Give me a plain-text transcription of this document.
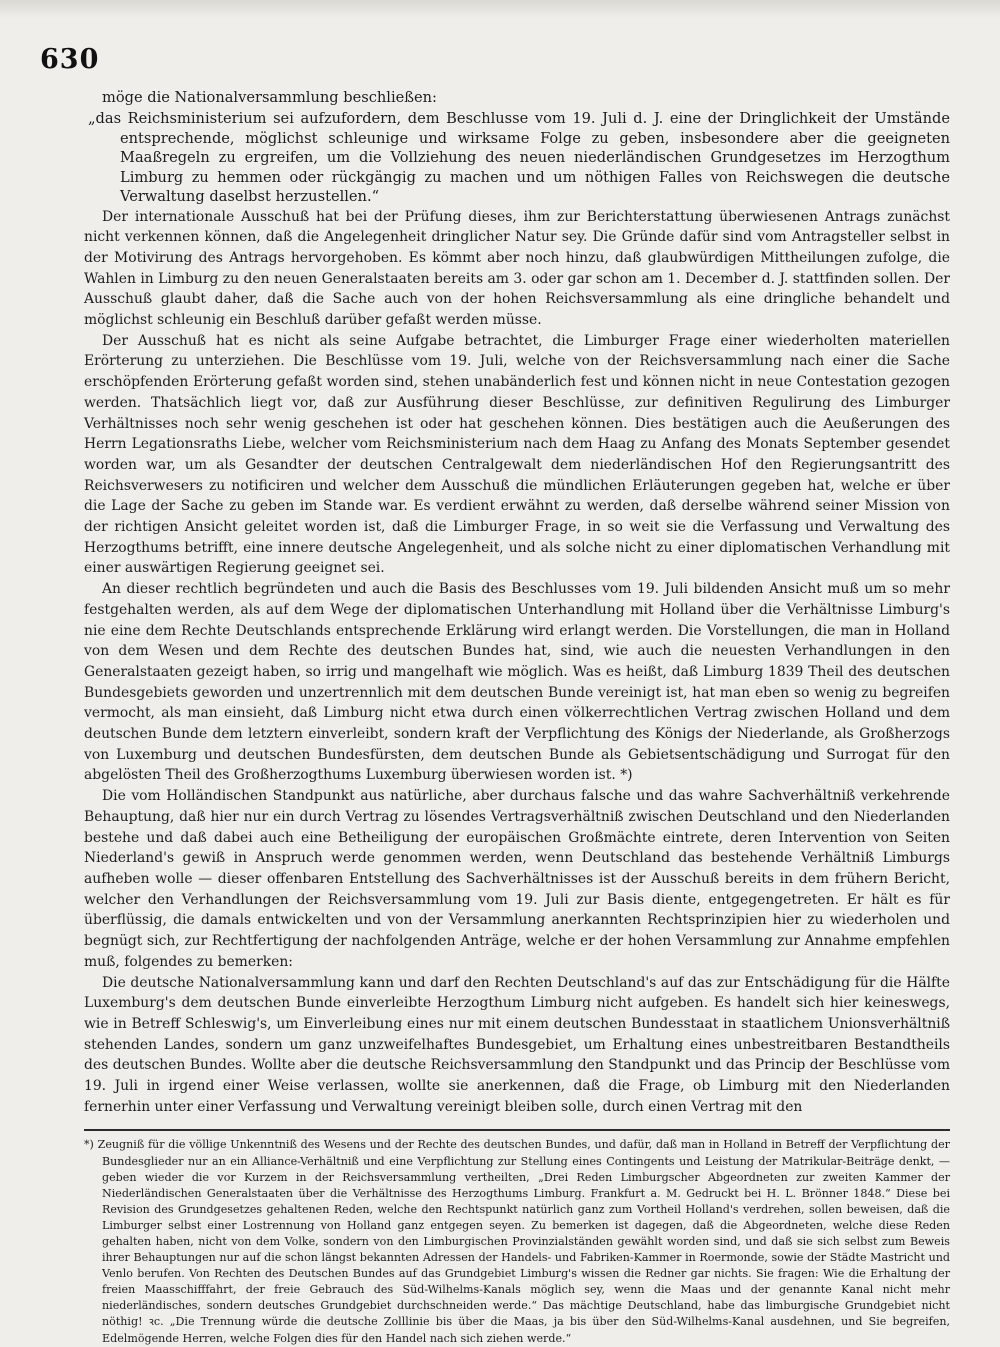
630

möge die Nationalversammlung beschließen:

„das Reichsministerium sei aufzufordern, dem Beschlusse vom 19. Juli d. J. eine der Dringlichkeit der Umstände entsprechende, möglichst schleunige und wirksame Folge zu geben, insbesondere aber die geeigneten Maaßregeln zu ergreifen, um die Vollziehung des neuen niederländischen Grundgesetzes im Herzogthum Limburg zu hemmen oder rückgängig zu machen und um nöthigen Falles von Reichswegen die deutsche Verwaltung daselbst herzustellen.“

Der internationale Ausschuß hat bei der Prüfung dieses, ihm zur Berichterstattung überwiesenen Antrags zunächst nicht verkennen können, daß die Angelegenheit dringlicher Natur sey. Die Gründe dafür sind vom Antragsteller selbst in der Motivirung des Antrags hervorgehoben. Es kömmt aber noch hinzu, daß glaubwürdigen Mittheilungen zufolge, die Wahlen in Limburg zu den neuen Generalstaaten bereits am 3. oder gar schon am 1. December d. J. stattfinden sollen. Der Ausschuß glaubt daher, daß die Sache auch von der hohen Reichsversammlung als eine dringliche behandelt und möglichst schleunig ein Beschluß darüber gefaßt werden müsse.

Der Ausschuß hat es nicht als seine Aufgabe betrachtet, die Limburger Frage einer wiederholten materiellen Erörterung zu unterziehen. Die Beschlüsse vom 19. Juli, welche von der Reichsversammlung nach einer die Sache erschöpfenden Erörterung gefaßt worden sind, stehen unabänderlich fest und können nicht in neue Contestation gezogen werden. Thatsächlich liegt vor, daß zur Ausführung dieser Beschlüsse, zur definitiven Regulirung des Limburger Verhältnisses noch sehr wenig geschehen ist oder hat geschehen können. Dies bestätigen auch die Aeußerungen des Herrn Legationsraths Liebe, welcher vom Reichsministerium nach dem Haag zu Anfang des Monats September gesendet worden war, um als Gesandter der deutschen Centralgewalt dem niederländischen Hof den Regierungsantritt des Reichsverwesers zu notificiren und welcher dem Ausschuß die mündlichen Erläuterungen gegeben hat, welche er über die Lage der Sache zu geben im Stande war. Es verdient erwähnt zu werden, daß derselbe während seiner Mission von der richtigen Ansicht geleitet worden ist, daß die Limburger Frage, in so weit sie die Verfassung und Verwaltung des Herzogthums betrifft, eine innere deutsche Angelegenheit, und als solche nicht zu einer diplomatischen Verhandlung mit einer auswärtigen Regierung geeignet sei.

An dieser rechtlich begründeten und auch die Basis des Beschlusses vom 19. Juli bildenden Ansicht muß um so mehr festgehalten werden, als auf dem Wege der diplomatischen Unterhandlung mit Holland über die Verhältnisse Limburg's nie eine dem Rechte Deutschlands entsprechende Erklärung wird erlangt werden. Die Vorstellungen, die man in Holland von dem Wesen und dem Rechte des deutschen Bundes hat, sind, wie auch die neuesten Verhandlungen in den Generalstaaten gezeigt haben, so irrig und mangelhaft wie möglich. Was es heißt, daß Limburg 1839 Theil des deutschen Bundesgebiets geworden und unzertrennlich mit dem deutschen Bunde vereinigt ist, hat man eben so wenig zu begreifen vermocht, als man einsieht, daß Limburg nicht etwa durch einen völkerrechtlichen Vertrag zwischen Holland und dem deutschen Bunde dem letztern einverleibt, sondern kraft der Verpflichtung des Königs der Niederlande, als Großherzogs von Luxemburg und deutschen Bundesfürsten, dem deutschen Bunde als Gebietsentschädigung und Surrogat für den abgelösten Theil des Großherzogthums Luxemburg überwiesen worden ist. *)

Die vom Holländischen Standpunkt aus natürliche, aber durchaus falsche und das wahre Sachverhältniß verkehrende Behauptung, daß hier nur ein durch Vertrag zu lösendes Vertragsverhältniß zwischen Deutschland und den Niederlanden bestehe und daß dabei auch eine Betheiligung der europäischen Großmächte eintrete, deren Intervention von Seiten Niederland's gewiß in Anspruch werde genommen werden, wenn Deutschland das bestehende Verhältniß Limburgs aufheben wolle — dieser offenbaren Entstellung des Sachverhältnisses ist der Ausschuß bereits in dem frühern Bericht, welcher den Verhandlungen der Reichsversammlung vom 19. Juli zur Basis diente, entgegengetreten. Er hält es für überflüssig, die damals entwickelten und von der Versammlung anerkannten Rechtsprinzipien hier zu wiederholen und begnügt sich, zur Rechtfertigung der nachfolgenden Anträge, welche er der hohen Versammlung zur Annahme empfehlen muß, folgendes zu bemerken:

Die deutsche Nationalversammlung kann und darf den Rechten Deutschland's auf das zur Entschädigung für die Hälfte Luxemburg's dem deutschen Bunde einverleibte Herzogthum Limburg nicht aufgeben. Es handelt sich hier keineswegs, wie in Betreff Schleswig's, um Einverleibung eines nur mit einem deutschen Bundesstaat in staatlichem Unionsverhältniß stehenden Landes, sondern um ganz unzweifelhaftes Bundesgebiet, um Erhaltung eines unbestreitbaren Bestandtheils des deutschen Bundes. Wollte aber die deutsche Reichsversammlung den Standpunkt und das Princip der Beschlüsse vom 19. Juli in irgend einer Weise verlassen, wollte sie anerkennen, daß die Frage, ob Limburg mit den Niederlanden fernerhin unter einer Verfassung und Verwaltung vereinigt bleiben solle, durch einen Vertrag mit den

*) Zeugniß für die völlige Unkenntniß des Wesens und der Rechte des deutschen Bundes, und dafür, daß man in Holland in Betreff der Verpflichtung der Bundesglieder nur an ein Alliance-Verhältniß und eine Verpflichtung zur Stellung eines Contingents und Leistung der Matrikular-Beiträge denkt, — geben wieder die vor Kurzem in der Reichsversammlung vertheilten, „Drei Reden Limburgscher Abgeordneten zur zweiten Kammer der Niederländischen Generalstaaten über die Verhältnisse des Herzogthums Limburg. Frankfurt a. M. Gedruckt bei H. L. Brönner 1848.“ Diese bei Revision des Grundgesetzes gehaltenen Reden, welche den Rechtspunkt natürlich ganz zum Vortheil Holland's verdrehen, sollen beweisen, daß die Limburger selbst einer Lostrennung von Holland ganz entgegen seyen. Zu bemerken ist dagegen, daß die Abgeordneten, welche diese Reden gehalten haben, nicht von dem Volke, sondern von den Limburgischen Provinzialständen gewählt worden sind, und daß sie sich selbst zum Beweis ihrer Behauptungen nur auf die schon längst bekannten Adressen der Handels- und Fabriken-Kammer in Roermonde, sowie der Städte Mastricht und Venlo berufen. Von Rechten des Deutschen Bundes auf das Grundgebiet Limburg's wissen die Redner gar nichts. Sie fragen: Wie die Erhaltung der freien Maasschifffahrt, der freie Gebrauch des Süd-Wilhelms-Kanals möglich sey, wenn die Maas und der genannte Kanal nicht mehr niederländisches, sondern deutsches Grundgebiet durchschneiden werde.“ Das mächtige Deutschland, habe das limburgische Grundgebiet nicht nöthig! ꝛc. „Die Trennung würde die deutsche Zolllinie bis über die Maas, ja bis über den Süd-Wilhelms-Kanal ausdehnen, und Sie begreifen, Edelmögende Herren, welche Folgen dies für den Handel nach sich ziehen werde.“
